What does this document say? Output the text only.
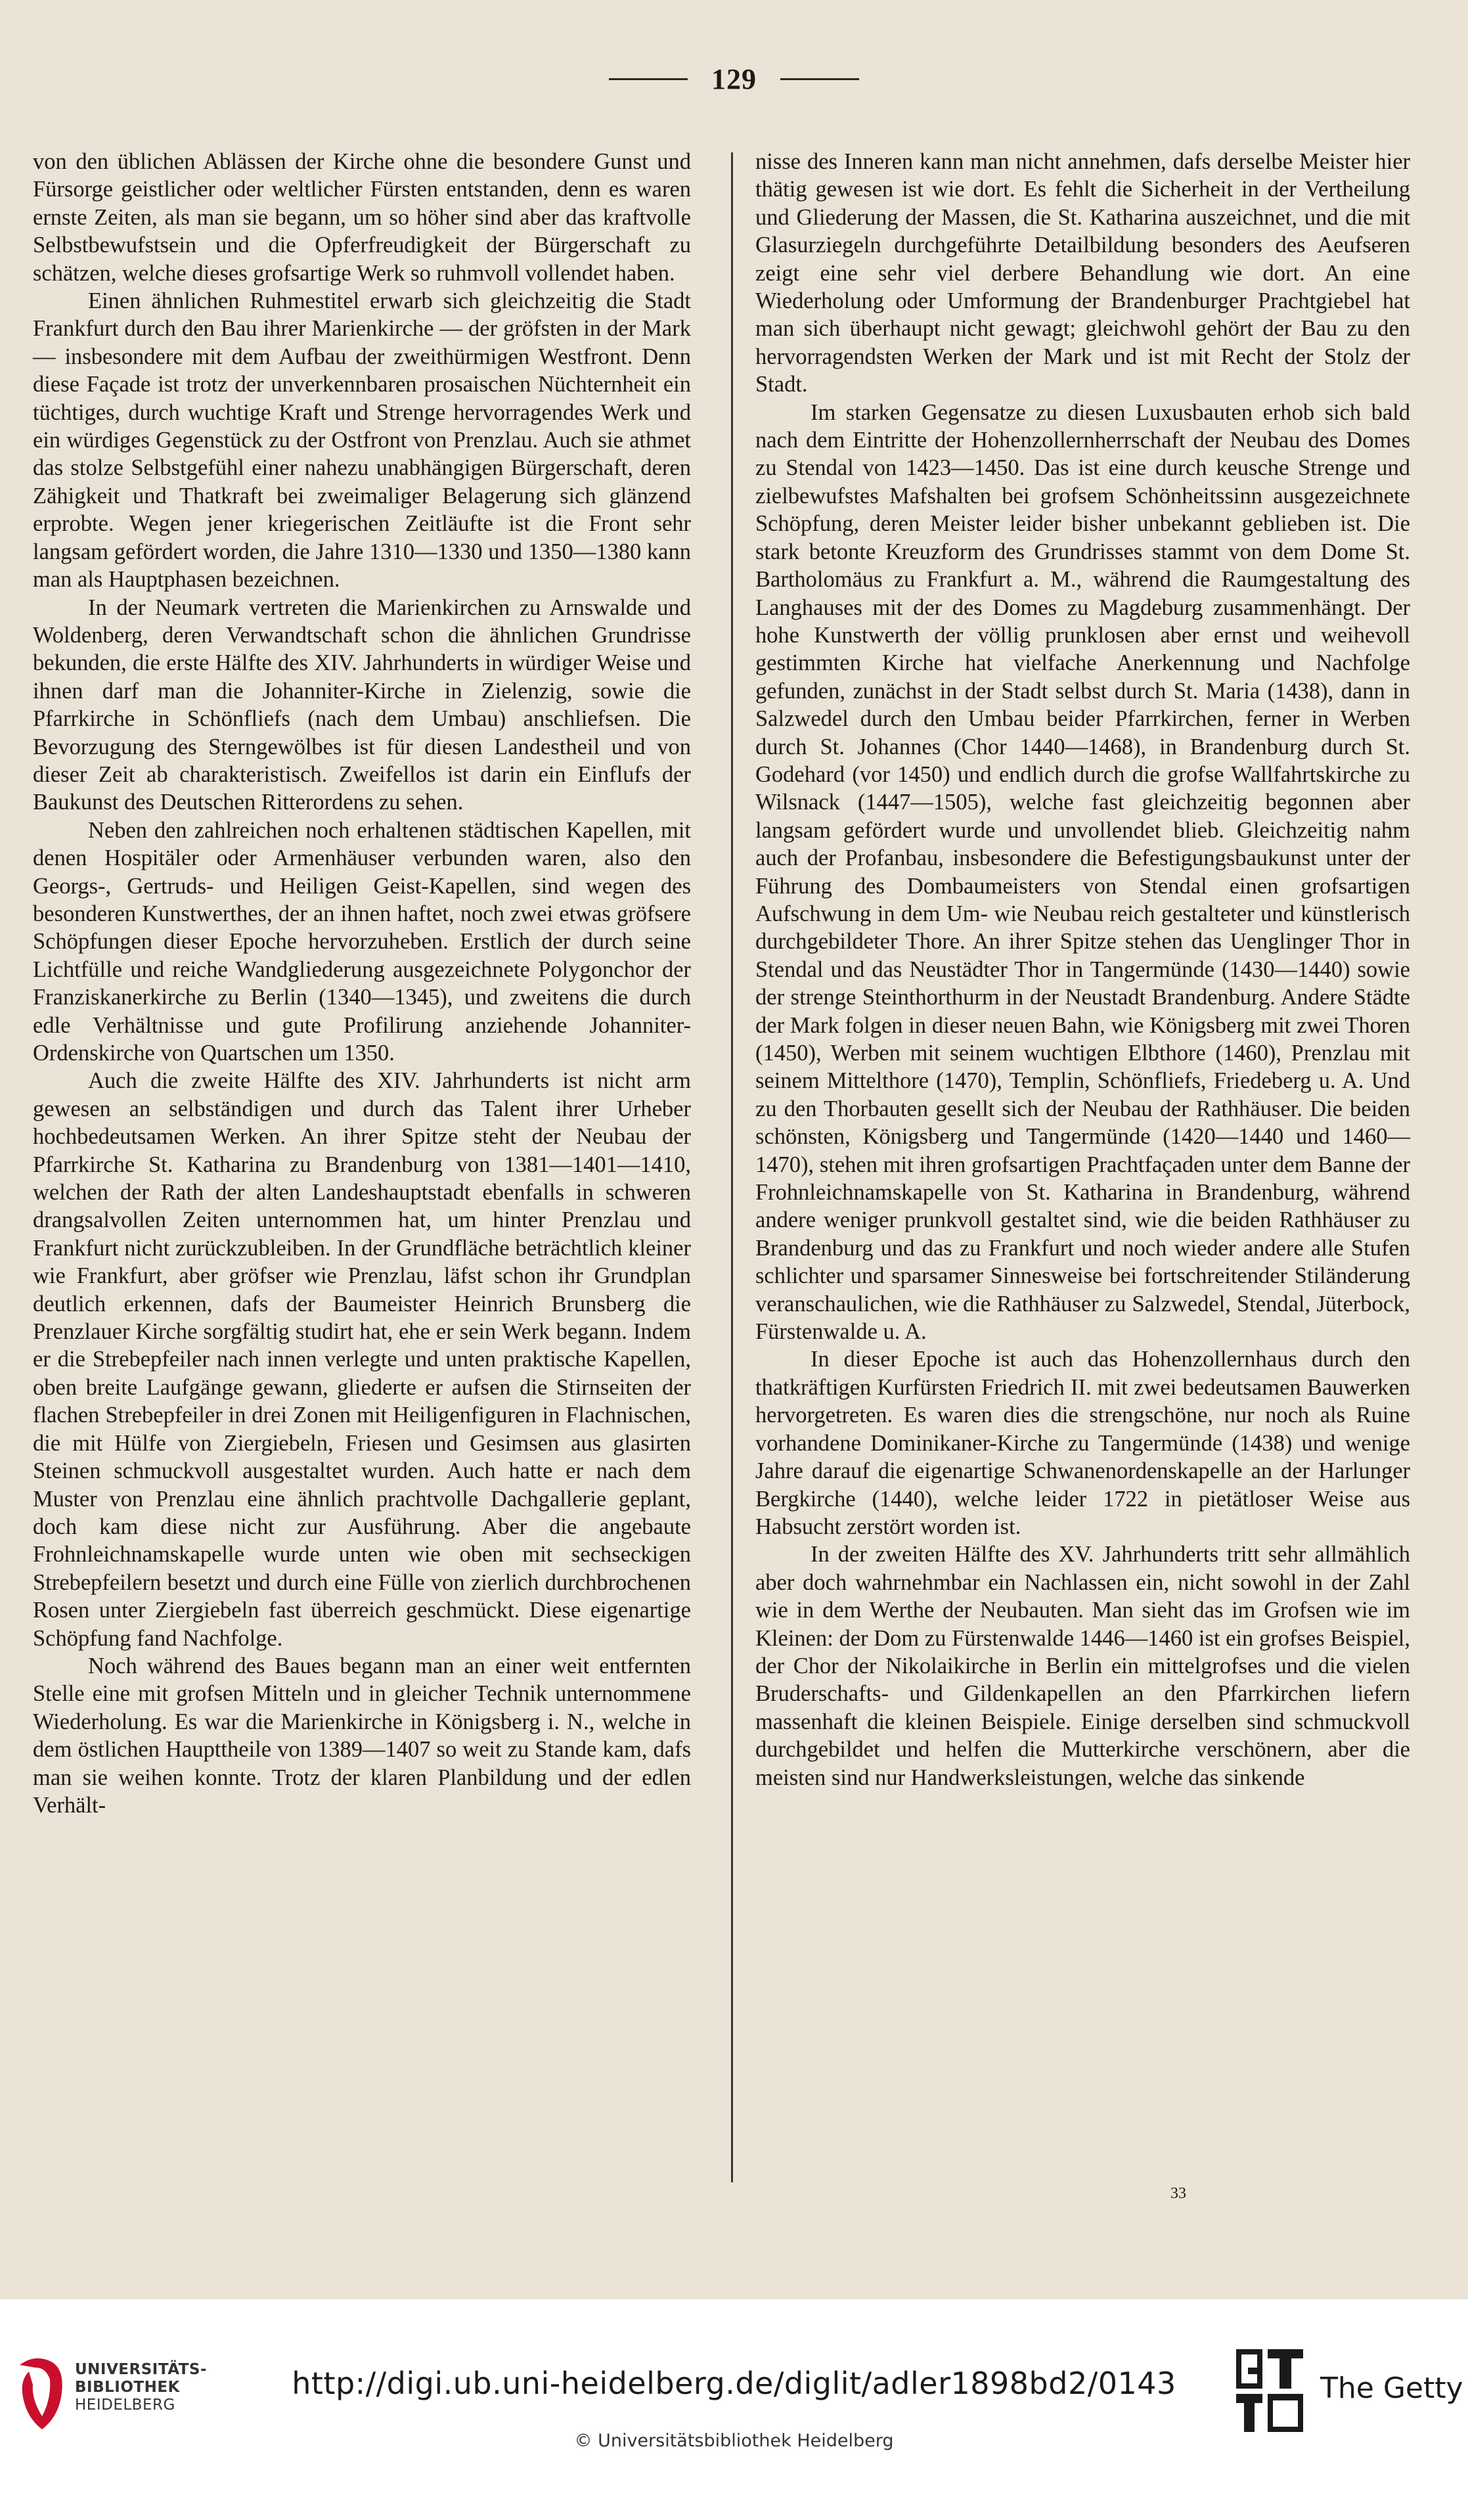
129

von den üblichen Ablässen der Kirche ohne die besondere Gunst und Fürsorge geistlicher oder weltlicher Fürsten entstanden, denn es waren ernste Zeiten, als man sie begann, um so höher sind aber das kraftvolle Selbstbewufstsein und die Opferfreudigkeit der Bürgerschaft zu schätzen, welche dieses grofsartige Werk so ruhmvoll vollendet haben.

Einen ähnlichen Ruhmestitel erwarb sich gleichzeitig die Stadt Frankfurt durch den Bau ihrer Marienkirche — der gröfsten in der Mark — insbesondere mit dem Aufbau der zweithürmigen Westfront. Denn diese Façade ist trotz der unverkennbaren prosaischen Nüchternheit ein tüchtiges, durch wuchtige Kraft und Strenge hervorragendes Werk und ein würdiges Gegenstück zu der Ostfront von Prenzlau. Auch sie athmet das stolze Selbstgefühl einer nahezu unabhängigen Bürgerschaft, deren Zähigkeit und Thatkraft bei zweimaliger Belagerung sich glänzend erprobte. Wegen jener kriegerischen Zeitläufte ist die Front sehr langsam gefördert worden, die Jahre 1310—1330 und 1350—1380 kann man als Hauptphasen bezeichnen.

In der Neumark vertreten die Marienkirchen zu Arnswalde und Woldenberg, deren Verwandtschaft schon die ähnlichen Grundrisse bekunden, die erste Hälfte des XIV. Jahrhunderts in würdiger Weise und ihnen darf man die Johanniter-Kirche in Zielenzig, sowie die Pfarrkirche in Schönfliefs (nach dem Umbau) anschliefsen. Die Bevorzugung des Sterngewölbes ist für diesen Landestheil und von dieser Zeit ab charakteristisch. Zweifellos ist darin ein Einflufs der Baukunst des Deutschen Ritterordens zu sehen.

Neben den zahlreichen noch erhaltenen städtischen Kapellen, mit denen Hospitäler oder Armenhäuser verbunden waren, also den Georgs-, Gertruds- und Heiligen Geist-Kapellen, sind wegen des besonderen Kunstwerthes, der an ihnen haftet, noch zwei etwas gröfsere Schöpfungen dieser Epoche hervorzuheben. Erstlich der durch seine Lichtfülle und reiche Wandgliederung ausgezeichnete Polygonchor der Franziskanerkirche zu Berlin (1340—1345), und zweitens die durch edle Verhältnisse und gute Profilirung anziehende Johanniter-Ordenskirche von Quartschen um 1350.

Auch die zweite Hälfte des XIV. Jahrhunderts ist nicht arm gewesen an selbständigen und durch das Talent ihrer Urheber hochbedeutsamen Werken. An ihrer Spitze steht der Neubau der Pfarrkirche St. Katharina zu Brandenburg von 1381—1401—1410, welchen der Rath der alten Landeshauptstadt ebenfalls in schweren drangsalvollen Zeiten unternommen hat, um hinter Prenzlau und Frankfurt nicht zurückzubleiben. In der Grundfläche beträchtlich kleiner wie Frankfurt, aber gröfser wie Prenzlau, läfst schon ihr Grundplan deutlich erkennen, dafs der Baumeister Heinrich Brunsberg die Prenzlauer Kirche sorgfältig studirt hat, ehe er sein Werk begann. Indem er die Strebepfeiler nach innen verlegte und unten praktische Kapellen, oben breite Laufgänge gewann, gliederte er aufsen die Stirnseiten der flachen Strebepfeiler in drei Zonen mit Heiligenfiguren in Flachnischen, die mit Hülfe von Ziergiebeln, Friesen und Gesimsen aus glasirten Steinen schmuckvoll ausgestaltet wurden. Auch hatte er nach dem Muster von Prenzlau eine ähnlich prachtvolle Dachgallerie geplant, doch kam diese nicht zur Ausführung. Aber die angebaute Frohnleichnamskapelle wurde unten wie oben mit sechseckigen Strebepfeilern besetzt und durch eine Fülle von zierlich durchbrochenen Rosen unter Ziergiebeln fast überreich geschmückt. Diese eigenartige Schöpfung fand Nachfolge.

Noch während des Baues begann man an einer weit entfernten Stelle eine mit grofsen Mitteln und in gleicher Technik unternommene Wiederholung. Es war die Marienkirche in Königsberg i. N., welche in dem östlichen Haupttheile von 1389—1407 so weit zu Stande kam, dafs man sie weihen konnte. Trotz der klaren Planbildung und der edlen Verhält-

nisse des Inneren kann man nicht annehmen, dafs derselbe Meister hier thätig gewesen ist wie dort. Es fehlt die Sicherheit in der Vertheilung und Gliederung der Massen, die St. Katharina auszeichnet, und die mit Glasurziegeln durchgeführte Detailbildung besonders des Aeufseren zeigt eine sehr viel derbere Behandlung wie dort. An eine Wiederholung oder Umformung der Brandenburger Prachtgiebel hat man sich überhaupt nicht gewagt; gleichwohl gehört der Bau zu den hervorragendsten Werken der Mark und ist mit Recht der Stolz der Stadt.

Im starken Gegensatze zu diesen Luxusbauten erhob sich bald nach dem Eintritte der Hohenzollernherrschaft der Neubau des Domes zu Stendal von 1423—1450. Das ist eine durch keusche Strenge und zielbewufstes Mafshalten bei grofsem Schönheitssinn ausgezeichnete Schöpfung, deren Meister leider bisher unbekannt geblieben ist. Die stark betonte Kreuzform des Grundrisses stammt von dem Dome St. Bartholomäus zu Frankfurt a. M., während die Raumgestaltung des Langhauses mit der des Domes zu Magdeburg zusammenhängt. Der hohe Kunstwerth der völlig prunklosen aber ernst und weihevoll gestimmten Kirche hat vielfache Anerkennung und Nachfolge gefunden, zunächst in der Stadt selbst durch St. Maria (1438), dann in Salzwedel durch den Umbau beider Pfarrkirchen, ferner in Werben durch St. Johannes (Chor 1440—1468), in Brandenburg durch St. Godehard (vor 1450) und endlich durch die grofse Wallfahrtskirche zu Wilsnack (1447—1505), welche fast gleichzeitig begonnen aber langsam gefördert wurde und unvollendet blieb. Gleichzeitig nahm auch der Profanbau, insbesondere die Befestigungsbaukunst unter der Führung des Dombaumeisters von Stendal einen grofsartigen Aufschwung in dem Um- wie Neubau reich gestalteter und künstlerisch durchgebildeter Thore. An ihrer Spitze stehen das Uenglinger Thor in Stendal und das Neustädter Thor in Tangermünde (1430—1440) sowie der strenge Steinthorthurm in der Neustadt Brandenburg. Andere Städte der Mark folgen in dieser neuen Bahn, wie Königsberg mit zwei Thoren (1450), Werben mit seinem wuchtigen Elbthore (1460), Prenzlau mit seinem Mittelthore (1470), Templin, Schönfliefs, Friedeberg u. A. Und zu den Thorbauten gesellt sich der Neubau der Rathhäuser. Die beiden schönsten, Königsberg und Tangermünde (1420—1440 und 1460—1470), stehen mit ihren grofsartigen Prachtfaçaden unter dem Banne der Frohnleichnamskapelle von St. Katharina in Brandenburg, während andere weniger prunkvoll gestaltet sind, wie die beiden Rathhäuser zu Brandenburg und das zu Frankfurt und noch wieder andere alle Stufen schlichter und sparsamer Sinnesweise bei fortschreitender Stiländerung veranschaulichen, wie die Rathhäuser zu Salzwedel, Stendal, Jüterbock, Fürstenwalde u. A.

In dieser Epoche ist auch das Hohenzollernhaus durch den thatkräftigen Kurfürsten Friedrich II. mit zwei bedeutsamen Bauwerken hervorgetreten. Es waren dies die strengschöne, nur noch als Ruine vorhandene Dominikaner-Kirche zu Tangermünde (1438) und wenige Jahre darauf die eigenartige Schwanenordenskapelle an der Harlunger Bergkirche (1440), welche leider 1722 in pietätloser Weise aus Habsucht zerstört worden ist.

In der zweiten Hälfte des XV. Jahrhunderts tritt sehr allmählich aber doch wahrnehmbar ein Nachlassen ein, nicht sowohl in der Zahl wie in dem Werthe der Neubauten. Man sieht das im Grofsen wie im Kleinen: der Dom zu Fürstenwalde 1446—1460 ist ein grofses Beispiel, der Chor der Nikolaikirche in Berlin ein mittelgrofses und die vielen Bruderschafts- und Gildenkapellen an den Pfarrkirchen liefern massenhaft die kleinen Beispiele. Einige derselben sind schmuckvoll durchgebildet und helfen die Mutterkirche verschönern, aber die meisten sind nur Handwerksleistungen, welche das sinkende

33
UNIVERSITÄTS-
BIBLIOTHEK
HEIDELBERG
http://digi.ub.uni-heidelberg.de/diglit/adler1898bd2/0143
© Universitätsbibliothek Heidelberg
The Getty
